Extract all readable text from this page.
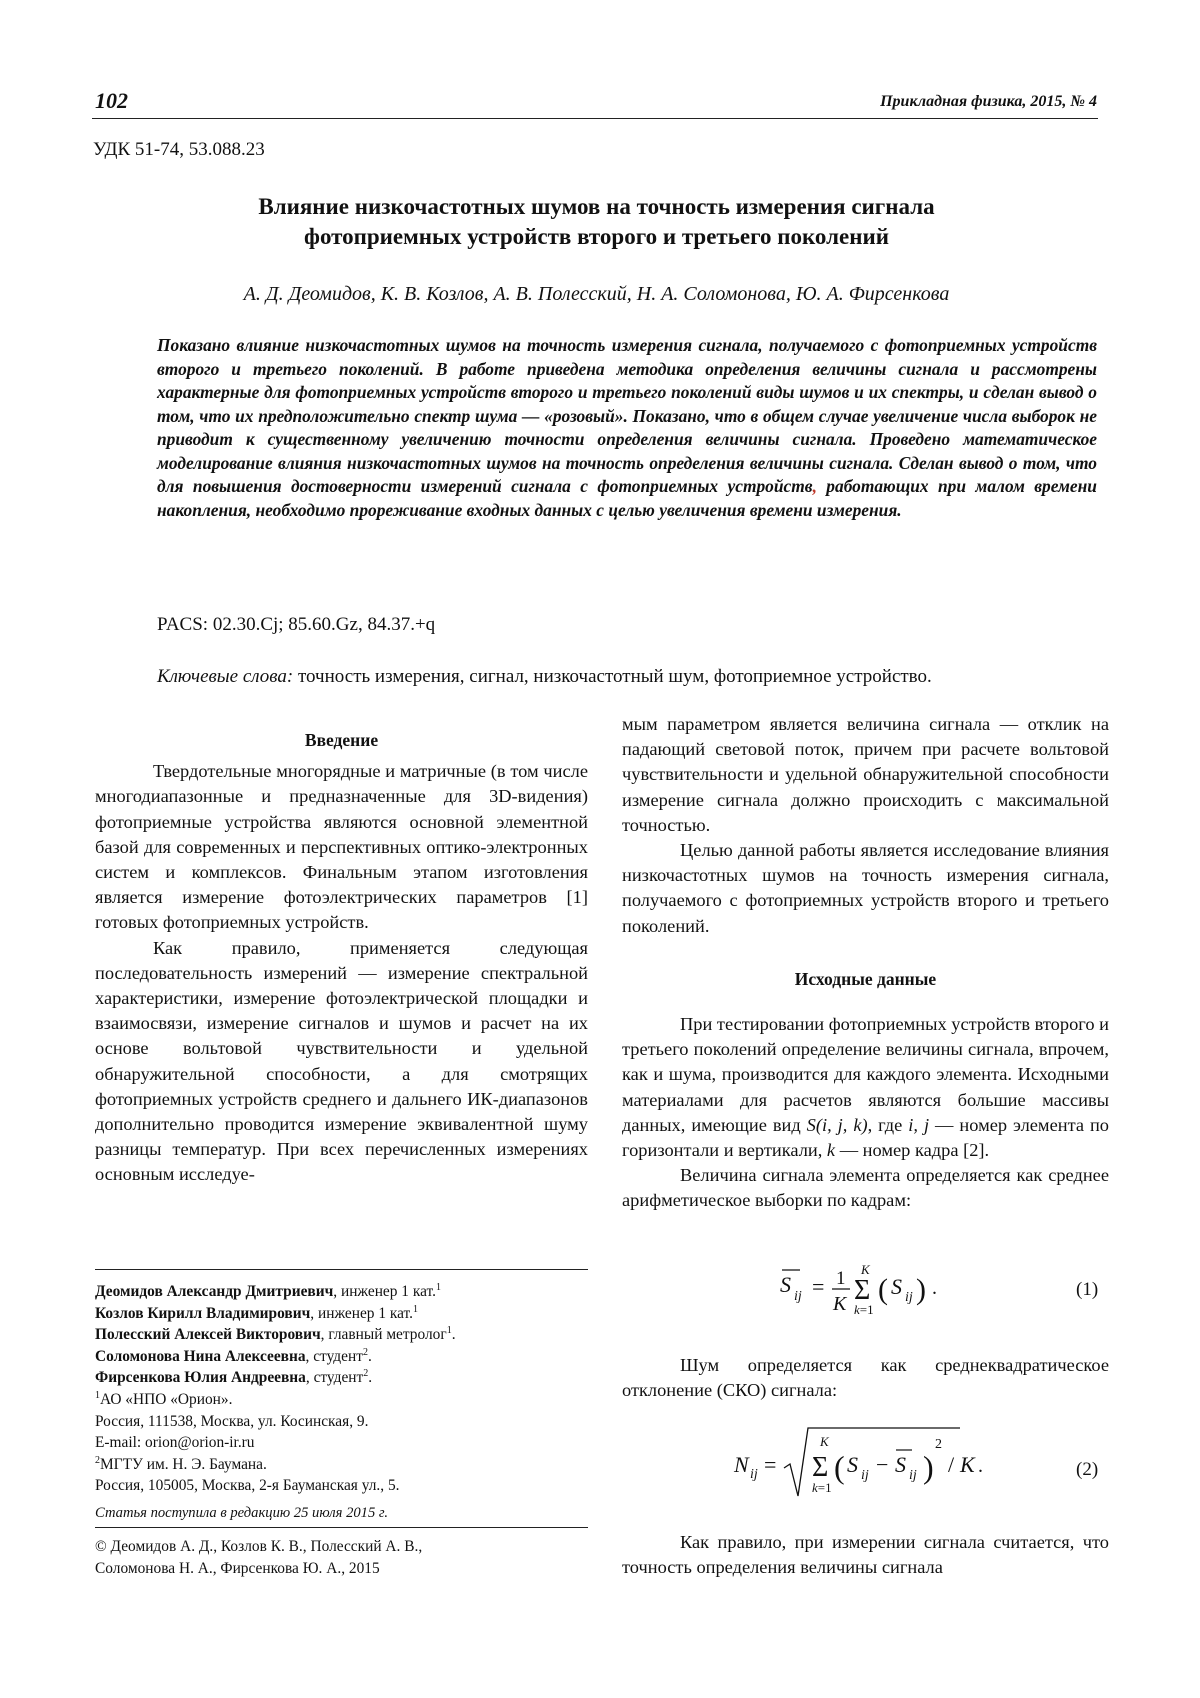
102	Прикладная физика, 2015, № 4
УДК 51-74, 53.088.23
Влияние низкочастотных шумов на точность измерения сигнала
фотоприемных устройств второго и третьего поколений
А. Д. Деомидов, К. В. Козлов, А. В. Полесский, Н. А. Соломонова, Ю. А. Фирсенкова
Показано влияние низкочастотных шумов на точность измерения сигнала, получаемого с фотоприемных устройств второго и третьего поколений. В работе приведена методика определения величины сигнала и рассмотрены характерные для фотоприемных устройств второго и третьего поколений виды шумов и их спектры, и сделан вывод о том, что их предположительно спектр шума — «розовый». Показано, что в общем случае увеличение числа выборок не приводит к существенному увеличению точности определения величины сигнала. Проведено математическое моделирование влияния низкочастотных шумов на точность определения величины сигнала. Сделан вывод о том, что для повышения достоверности измерений сигнала с фотоприемных устройств, работающих при малом времени накопления, необходимо прореживание входных данных с целью увеличения времени измерения.
PACS: 02.30.Cj; 85.60.Gz, 84.37.+q
Ключевые слова: точность измерения, сигнал, низкочастотный шум, фотоприемное устройство.
Введение

Твердотельные многорядные и матричные (в том числе многодиапазонные и предназначенные для 3D-видения) фотоприемные устройства являются основной элементной базой для современных и перспективных оптико-электронных систем и комплексов. Финальным этапом изготовления является измерение фотоэлектрических параметров [1] готовых фотоприемных устройств.

Как правило, применяется следующая последовательность измерений — измерение спектральной характеристики, измерение фотоэлектрической площадки и взаимосвязи, измерение сигналов и шумов и расчет на их основе вольтовой чувствительности и удельной обнаружительной способности, а для смотрящих фотоприемных устройств среднего и дальнего ИК-диапазонов дополнительно проводится измерение эквивалентной шуму разницы температур. При всех перечисленных измерениях основным исследуе-

мым параметром является величина сигнала — отклик на падающий световой поток, причем при расчете вольтовой чувствительности и удельной обнаружительной способности измерение сигнала должно происходить с максимальной точностью.

Целью данной работы является исследование влияния низкочастотных шумов на точность измерения сигнала, получаемого с фотоприемных устройств второго и третьего поколений.

Исходные данные

При тестировании фотоприемных устройств второго и третьего поколений определение величины сигнала, впрочем, как и шума, производится для каждого элемента. Исходными материалами для расчетов являются большие массивы данных, имеющие вид S(i, j, k), где i, j — номер элемента по горизонтали и вертикали, k — номер кадра [2].

Величина сигнала элемента определяется как среднее арифметическое выборки по кадрам:

S ij = 1
K
K
Σ
k=1
( S ij ) .	(1)

Шум определяется как среднеквадратическое отклонение (СКО) сигнала:

N ij =
K
Σ
k=1
( S ij − S ij )
2
/ K .	(2)

Как правило, при измерении сигнала считается, что точность определения величины сигнала

Деомидов Александр Дмитриевич, инженер 1 кат.$^1$
Козлов Кирилл Владимирович, инженер 1 кат.$^1$
Полесский Алексей Викторович, главный метролог$^1$.
Соломонова Нина Алексеевна, студент$^2$.
Фирсенкова Юлия Андреевна, студент$^2$.
$^1$АО «НПО «Орион».
Россия, 111538, Москва, ул. Косинская, 9.
E-mail: orion@orion-ir.ru
$^2$МГТУ им. Н. Э. Баумана.
Россия, 105005, Москва, 2-я Бауманская ул., 5.
Статья поступила в редакцию 25 июля 2015 г.
© Деомидов А. Д., Козлов К. В., Полесский А. В.,
Соломонова Н. А., Фирсенкова Ю. А., 2015
